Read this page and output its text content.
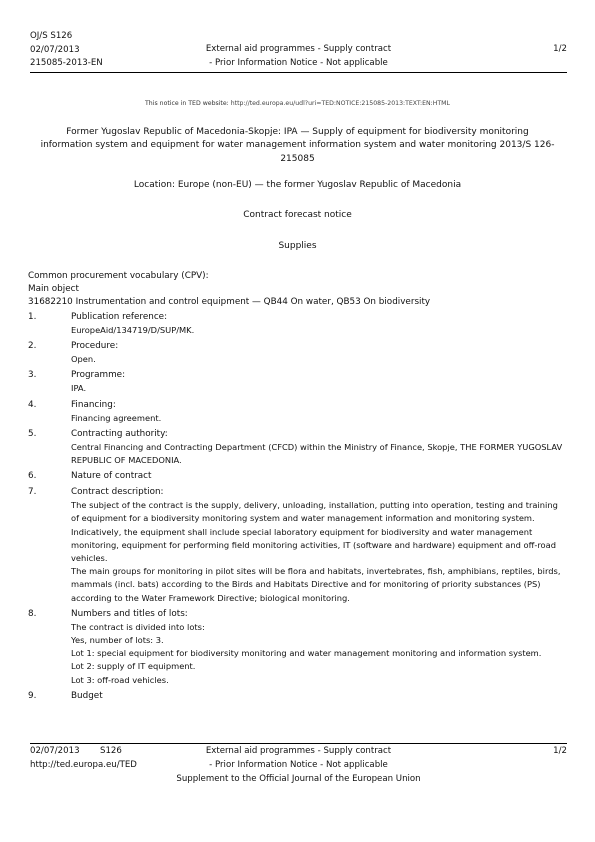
OJ/S S126
02/07/2013
215085-2013-EN
External aid programmes - Supply contract
- Prior Information Notice - Not applicable
1/2
This notice in TED website: http://ted.europa.eu/udl?uri=TED:NOTICE:215085-2013:TEXT:EN:HTML
Former Yugoslav Republic of Macedonia-Skopje: IPA — Supply of equipment for biodiversity monitoring information system and equipment for water management information system and water monitoring 2013/S 126-215085
Location: Europe (non-EU) — the former Yugoslav Republic of Macedonia
Contract forecast notice
Supplies
Common procurement vocabulary (CPV):
Main object
31682210 Instrumentation and control equipment — QB44 On water, QB53 On biodiversity
1.	Publication reference:
EuropeAid/134719/D/SUP/MK.
2.	Procedure:
Open.
3.	Programme:
IPA.
4.	Financing:
Financing agreement.
5.	Contracting authority:
Central Financing and Contracting Department (CFCD) within the Ministry of Finance, Skopje, THE FORMER YUGOSLAV REPUBLIC OF MACEDONIA.
6.	Nature of contract
7.	Contract description:
The subject of the contract is the supply, delivery, unloading, installation, putting into operation, testing and training of equipment for a biodiversity monitoring system and water management information and monitoring system. Indicatively, the equipment shall include special laboratory equipment for biodiversity and water management monitoring, equipment for performing field monitoring activities, IT (software and hardware) equipment and off-road vehicles.
The main groups for monitoring in pilot sites will be flora and habitats, invertebrates, fish, amphibians, reptiles, birds, mammals (incl. bats) according to the Birds and Habitats Directive and for monitoring of priority substances (PS) according to the Water Framework Directive; biological monitoring.
8.	Numbers and titles of lots:
The contract is divided into lots:
Yes, number of lots: 3.
Lot 1: special equipment for biodiversity monitoring and water management monitoring and information system.
Lot 2: supply of IT equipment.
Lot 3: off-road vehicles.
9.	Budget
02/07/2013 S126
http://ted.europa.eu/TED
External aid programmes - Supply contract
- Prior Information Notice - Not applicable
1/2
Supplement to the Official Journal of the European Union
